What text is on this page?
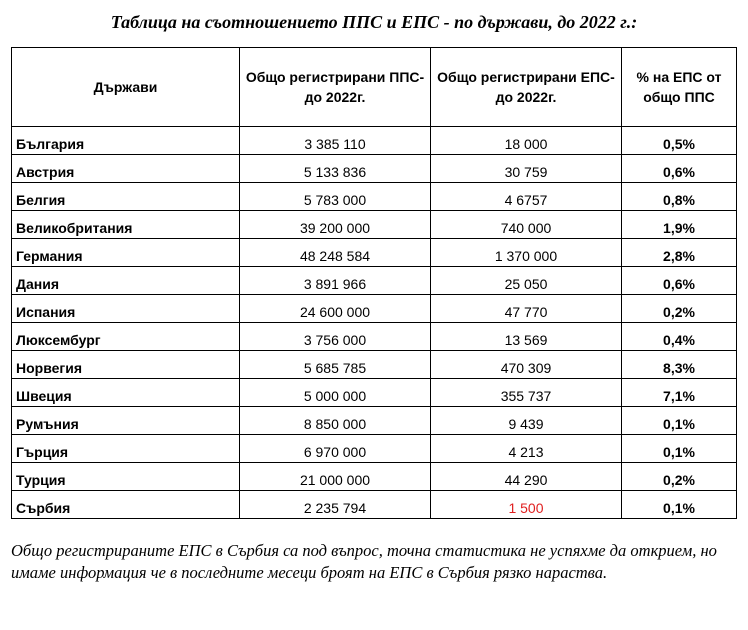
Таблица на съотношението ППС и ЕПС - по държави, до 2022 г.:
Държави	Общо регистрирани ППС-до 2022г.	Общо регистрирани ЕПС-до 2022г.	% на ЕПС от общо ППС
България	3 385 110	18 000	0,5%
Австрия	5 133 836	30 759	0,6%
Белгия	5 783 000	4 6757	0,8%
Великобритания	39 200 000	740 000	1,9%
Германия	48 248 584	1 370 000	2,8%
Дания	3 891 966	25 050	0,6%
Испания	24 600 000	47 770	0,2%
Люксембург	3 756 000	13 569	0,4%
Норвегия	5 685 785	470 309	8,3%
Швеция	5 000 000	355 737	7,1%
Румъния	8 850 000	9 439	0,1%
Гърция	6 970 000	4 213	0,1%
Турция	21 000 000	44 290	0,2%
Сърбия	2 235 794	1 500	0,1%
Общо регистрираните ЕПС в Сърбия са под въпрос, точна статистика не успяхме да открием, но имаме информация че в последните месеци броят на ЕПС в Сърбия рязко нараства.
